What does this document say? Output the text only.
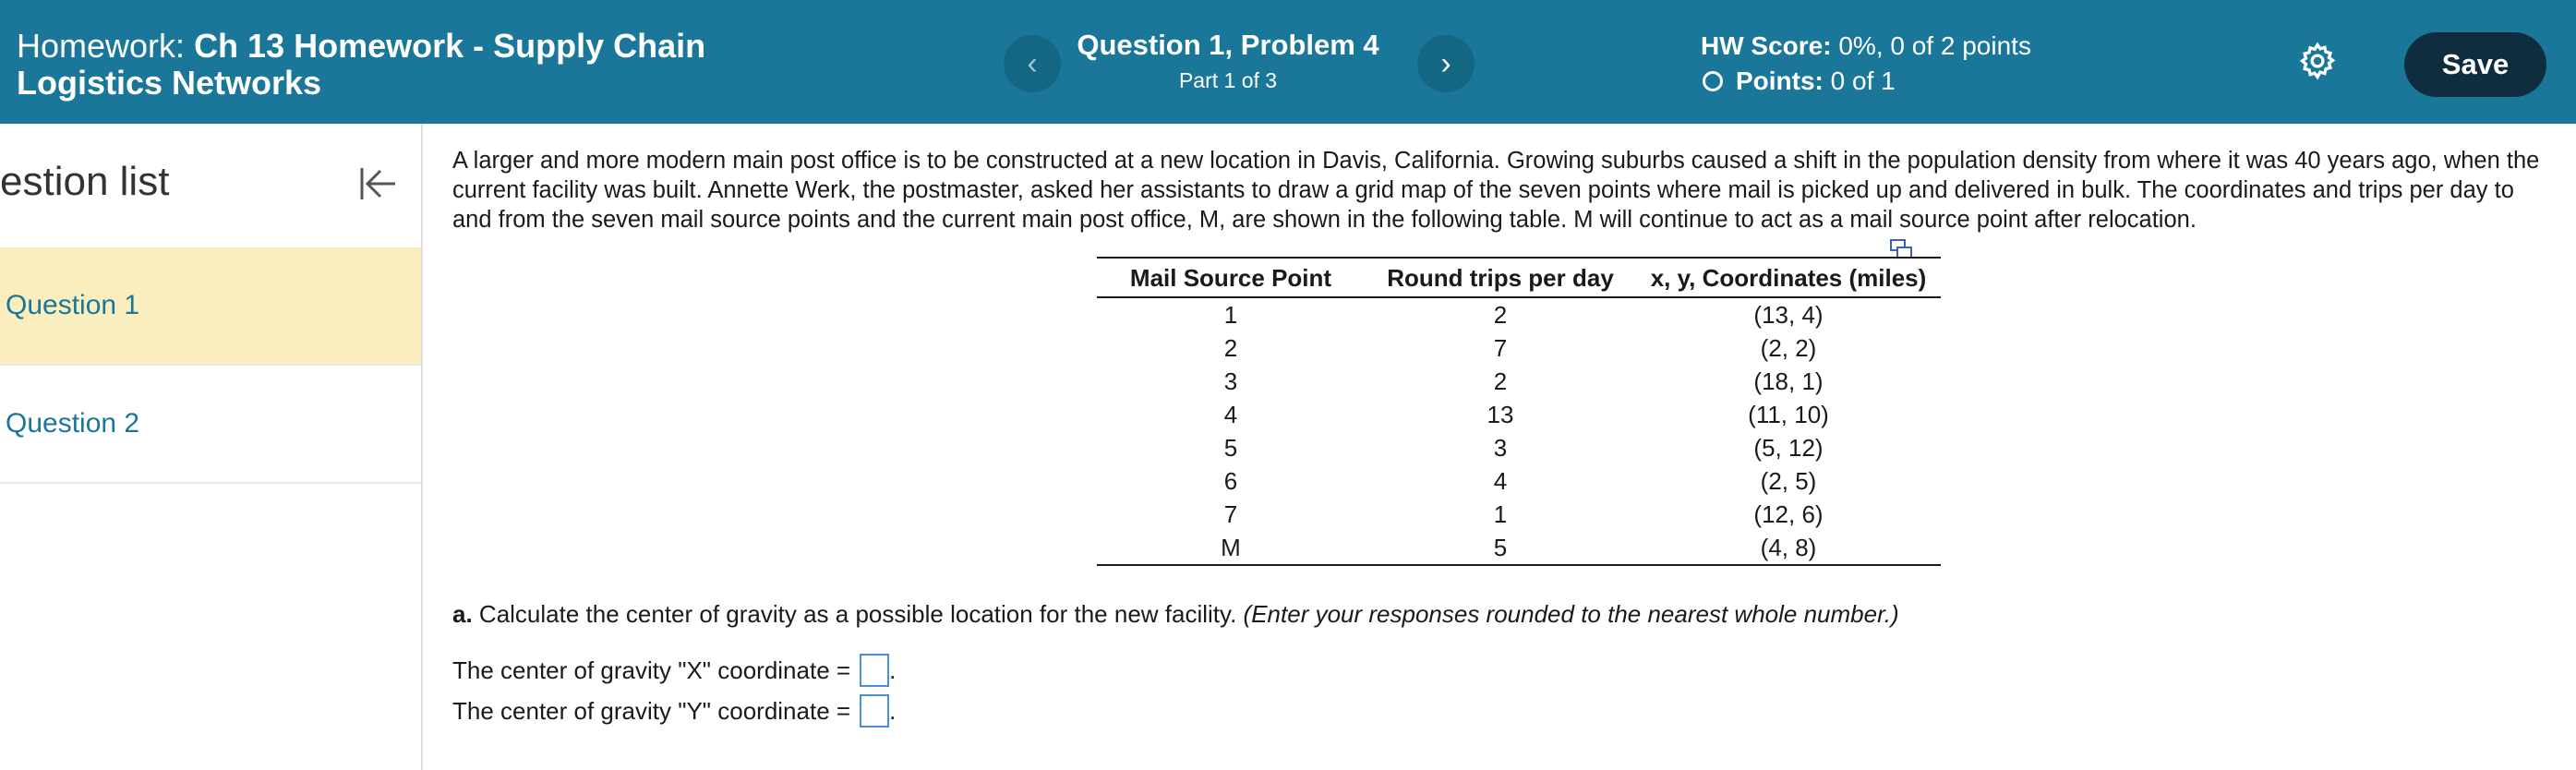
Homework: Ch 13 Homework - Supply Chain Logistics Networks
‹
Question 1, Problem 4
Part 1 of 3	›	HW Score: 0%, 0 of 2 points
Points:
0 of 1
Save
estion list
Question 1
Question 2

A larger and more modern main post office is to be constructed at a new location in Davis, California. Growing suburbs caused a shift in the population density from where it was 40 years ago, when the current facility was built. Annette Werk, the postmaster, asked her assistants to draw a grid map of the seven points where mail is picked up and delivered in bulk. The coordinates and trips per day to and from the seven mail source points and the current main post office, M, are shown in the following table. M will continue to act as a mail source point after relocation.

Mail Source Point	Round trips per day	x, y, Coordinates (miles)
1	2	(13, 4)
2	7	(2, 2)
3	2	(18, 1)
4	13	(11, 10)
5	3	(5, 12)
6	4	(2, 5)
7	1	(12, 6)
M	5	(4, 8)
a. Calculate the center of gravity as a possible location for the new facility. (Enter your responses rounded to the nearest whole number.)
The center of gravity "X" coordinate = .
The center of gravity "Y" coordinate = .
